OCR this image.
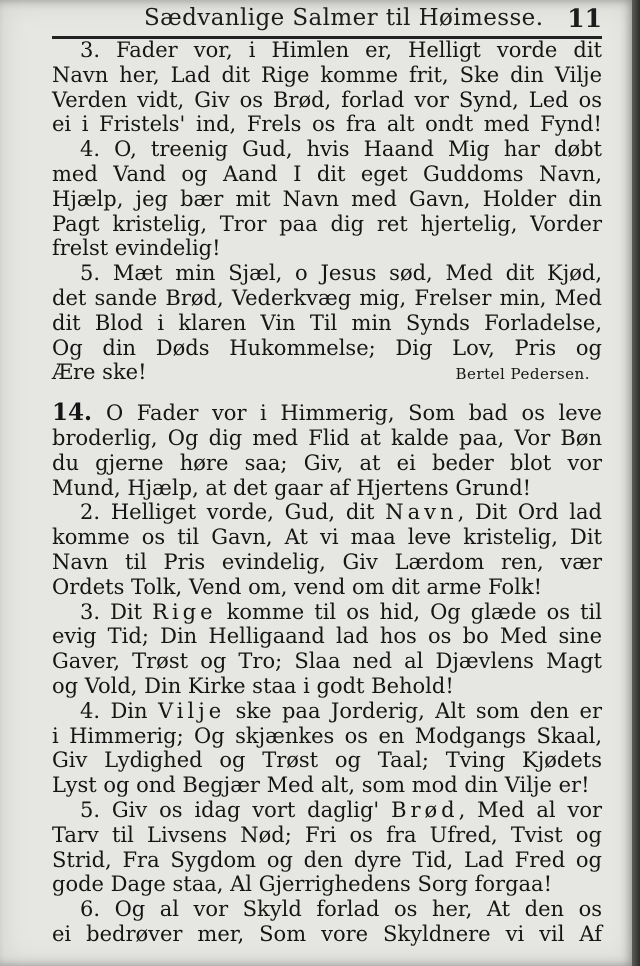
Sædvanlige Salmer til Høimesse. 11
3. Fader vor, i Himlen er, Helligt vorde dit
Navn her, Lad dit Rige komme frit, Ske din Vilje
Verden vidt, Giv os Brød, forlad vor Synd, Led os
ei i Fristels' ind, Frels os fra alt ondt med Fynd!
4. O, treenig Gud, hvis Haand Mig har døbt
med Vand og Aand I dit eget Guddoms Navn,
Hjælp, jeg bær mit Navn med Gavn, Holder din
Pagt kristelig, Tror paa dig ret hjertelig, Vorder
frelst evindelig!
5. Mæt min Sjæl, o Jesus sød, Med dit Kjød,
det sande Brød, Vederkvæg mig, Frelser min, Med
dit Blod i klaren Vin Til min Synds Forladelse,
Og din Døds Hukommelse; Dig Lov, Pris og
Ære ske!	Bertel Pedersen.
14. O Fader vor i Himmerig, Som bad os leve
broderlig, Og dig med Flid at kalde paa, Vor Bøn
du gjerne høre saa; Giv, at ei beder blot vor
Mund, Hjælp, at det gaar af Hjertens Grund!
2. Helliget vorde, Gud, dit Navn, Dit Ord lad
komme os til Gavn, At vi maa leve kristelig, Dit
Navn til Pris evindelig, Giv Lærdom ren, vær
Ordets Tolk, Vend om, vend om dit arme Folk!
3. Dit Rige komme til os hid, Og glæde os til
evig Tid; Din Helligaand lad hos os bo Med sine
Gaver, Trøst og Tro; Slaa ned al Djævlens Magt
og Vold, Din Kirke staa i godt Behold!
4. Din Vilje ske paa Jorderig, Alt som den er
i Himmerig; Og skjænkes os en Modgangs Skaal,
Giv Lydighed og Trøst og Taal; Tving Kjødets
Lyst og ond Begjær Med alt, som mod din Vilje er!
5. Giv os idag vort daglig' Brød, Med al vor
Tarv til Livsens Nød; Fri os fra Ufred, Tvist og
Strid, Fra Sygdom og den dyre Tid, Lad Fred og
gode Dage staa, Al Gjerrighedens Sorg forgaa!
6. Og al vor Skyld forlad os her, At den os
ei bedrøver mer, Som vore Skyldnere vi vil Af
